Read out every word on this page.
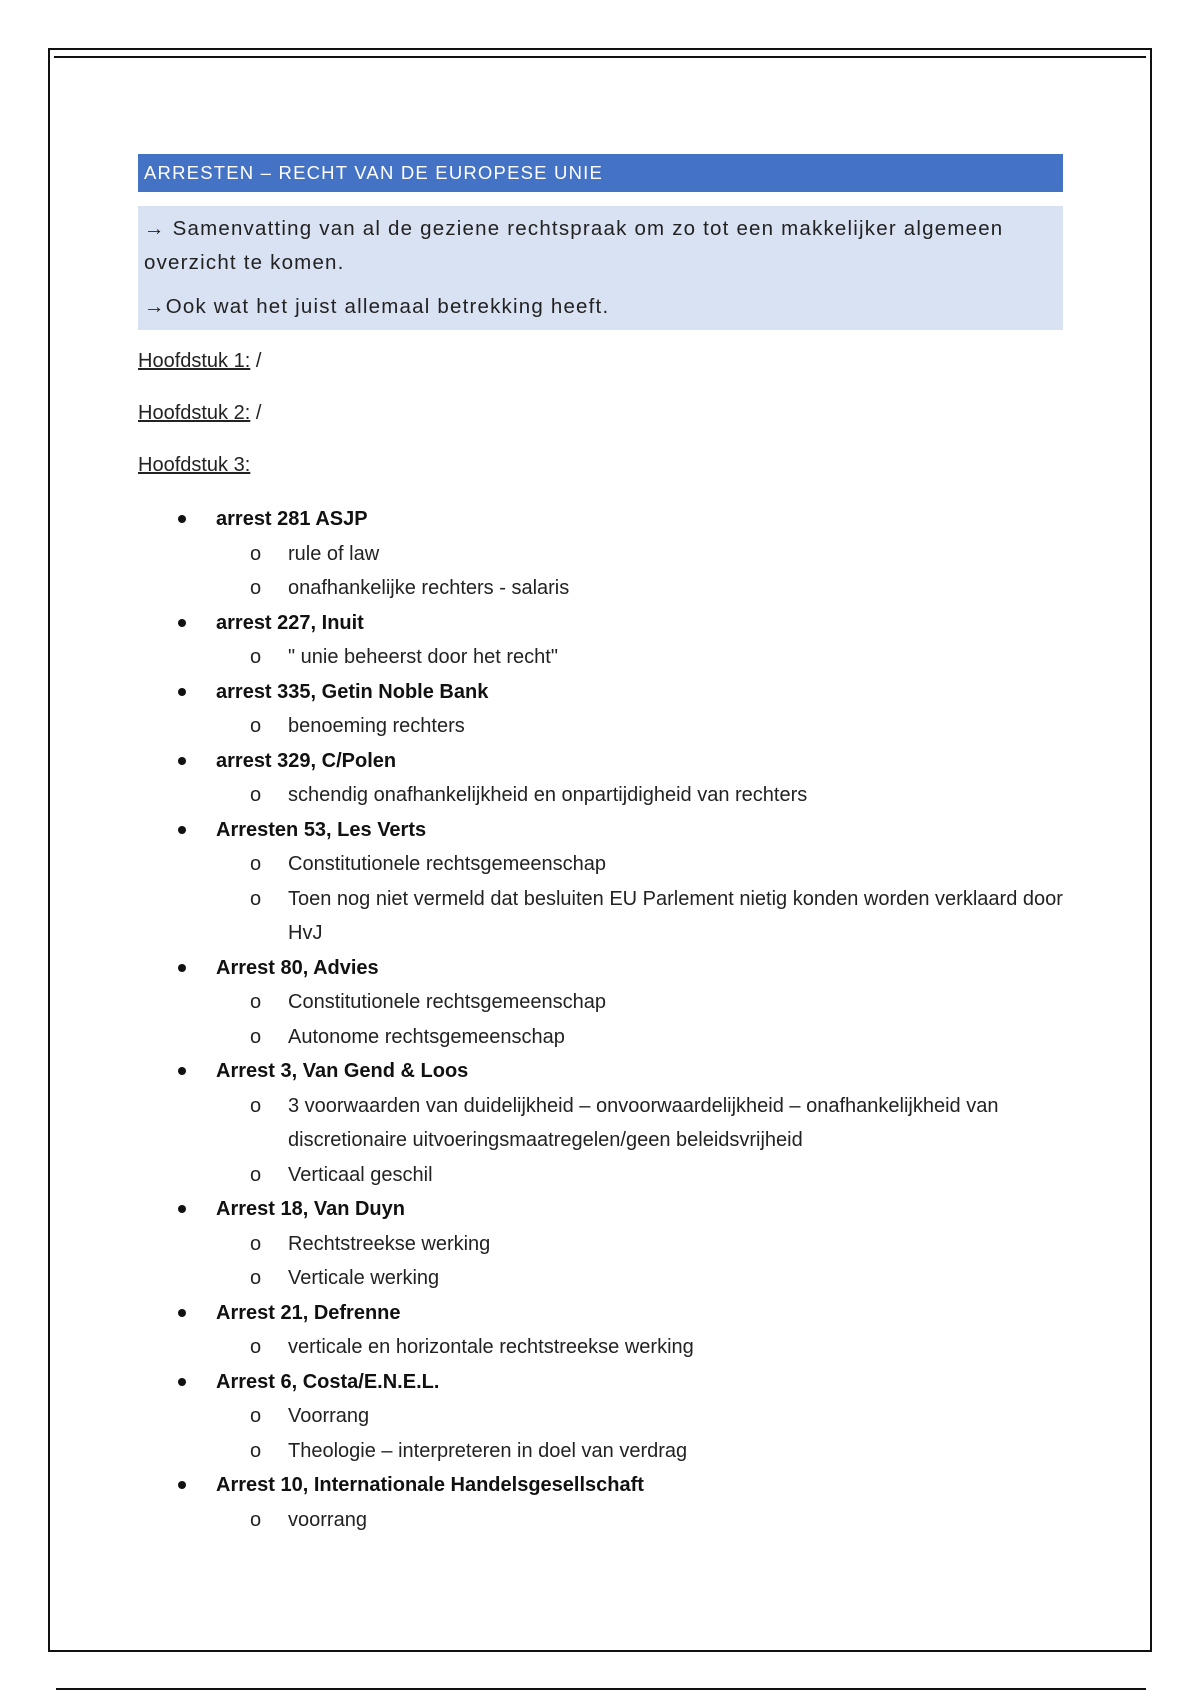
ARRESTEN – RECHT VAN DE EUROPESE UNIE

→ Samenvatting van al de geziene rechtspraak om zo tot een makkelijker algemeen overzicht te komen.

→Ook wat het juist allemaal betrekking heeft.

Hoofdstuk 1: /

Hoofdstuk 2: /

Hoofdstuk 3:

arrest 281 ASJP
o rule of law
o onafhankelijke rechters - salaris
arrest 227, Inuit
o " unie beheerst door het recht"
arrest 335, Getin Noble Bank
o benoeming rechters
arrest 329, C/Polen
o schendig onafhankelijkheid en onpartijdigheid van rechters
Arresten 53, Les Verts
o Constitutionele rechtsgemeenschap
o Toen nog niet vermeld dat besluiten EU Parlement nietig konden worden verklaard door HvJ
Arrest 80, Advies
o Constitutionele rechtsgemeenschap
o Autonome rechtsgemeenschap
Arrest 3, Van Gend & Loos
o 3 voorwaarden van duidelijkheid – onvoorwaardelijkheid – onafhankelijkheid van discretionaire uitvoeringsmaatregelen/geen beleidsvrijheid
o Verticaal geschil
Arrest 18, Van Duyn
o Rechtstreekse werking
o Verticale werking
Arrest 21, Defrenne
o verticale en horizontale rechtstreekse werking
Arrest 6, Costa/E.N.E.L.
o Voorrang
o Theologie – interpreteren in doel van verdrag
Arrest 10, Internationale Handelsgesellschaft
o voorrang
